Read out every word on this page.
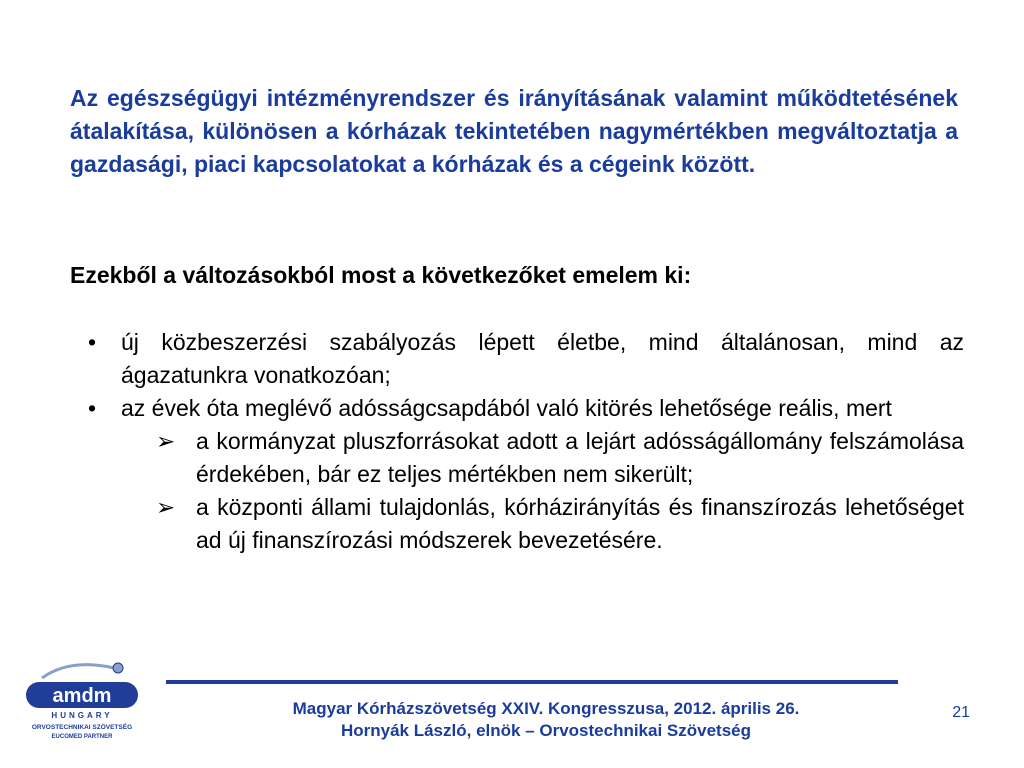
Az egészségügyi intézményrendszer és irányításának valamint működtetésének átalakítása, különösen a kórházak tekintetében nagymértékben megváltoztatja a gazdasági, piaci kapcsolatokat a kórházak és a cégeink között.

Ezekből a változásokból most a következőket emelem ki:

• új közbeszerzési szabályozás lépett életbe, mind általánosan, mind az ágazatunkra vonatkozóan;
• az évek óta meglévő adósságcsapdából való kitörés lehetősége reális, mert
➢ a kormányzat pluszforrásokat adott a lejárt adósságállomány felszámolása érdekében, bár ez teljes mértékben nem sikerült;
➢ a központi állami tulajdonlás, kórházirányítás és finanszírozás lehetőséget ad új finanszírozási módszerek bevezetésére.
amdm
HUNGARY
ORVOSTECHNIKAI SZÖVETSÉG
EUCOMED PARTNER
Magyar Kórházszövetség XXIV. Kongresszusa, 2012. április 26.
Hornyák László, elnök – Orvostechnikai Szövetség
21
